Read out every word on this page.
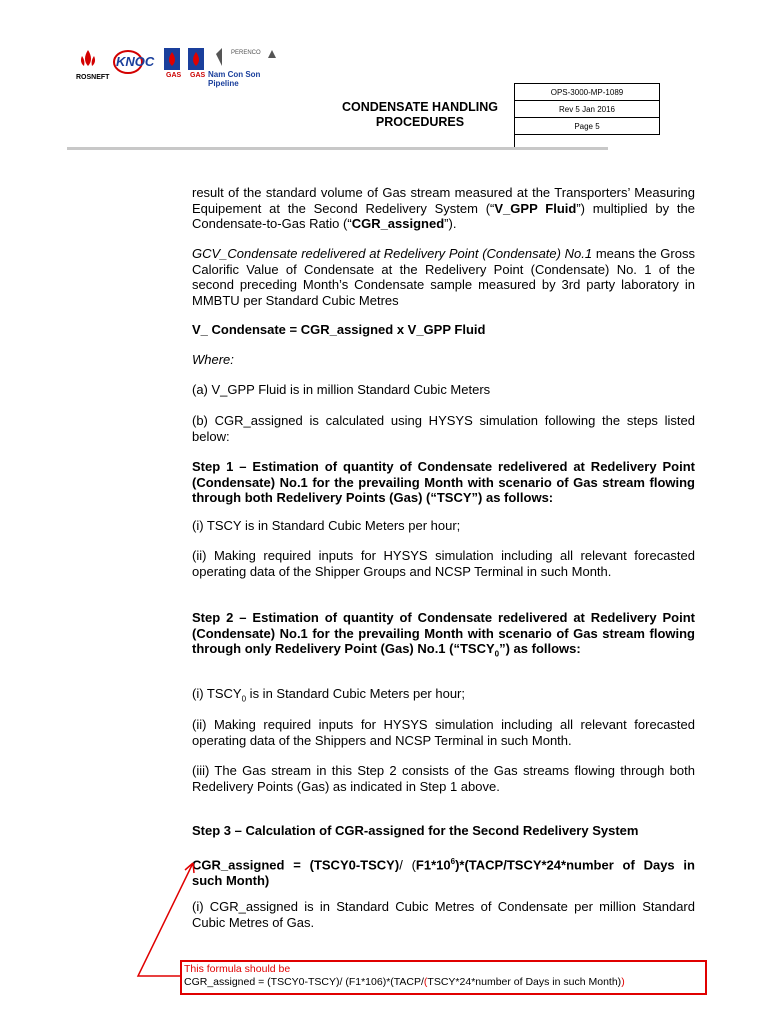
ROSNEFT
KNOC
GAS GAS Nam Con Son Pipeline
PERENCO
CONDENSATE HANDLING
PROCEDURES
OPS-3000-MP-1089
Rev 5 Jan 2016
Page 5
result of the standard volume of Gas stream measured at the Transporters’ Measuring Equipement at the Second Redelivery System (“V_GPP Fluid”) multiplied by the Condensate-to-Gas Ratio (“CGR_assigned”).
GCV_Condensate redelivered at Redelivery Point (Condensate) No.1 means the Gross Calorific Value of Condensate at the Redelivery Point (Condensate) No. 1 of the second preceding Month’s Condensate sample measured by 3rd party laboratory in MMBTU per Standard Cubic Metres
V_ Condensate = CGR_assigned x V_GPP Fluid
Where:
(a) V_GPP Fluid is in million Standard Cubic Meters
(b) CGR_assigned is calculated using HYSYS simulation following the steps listed below:
Step 1 – Estimation of quantity of Condensate redelivered at Redelivery Point (Condensate) No.1 for the prevailing Month with scenario of Gas stream flowing through both Redelivery Points (Gas) (“TSCY”) as follows:
(i) TSCY is in Standard Cubic Meters per hour;
(ii) Making required inputs for HYSYS simulation including all relevant forecasted operating data of the Shipper Groups and NCSP Terminal in such Month.
Step 2 – Estimation of quantity of Condensate redelivered at Redelivery Point (Condensate) No.1 for the prevailing Month with scenario of Gas stream flowing through only Redelivery Point (Gas) No.1 $(“TSCY_0”)$ as follows:
(i) $TSCY_0$ is in Standard Cubic Meters per hour;
(ii) Making required inputs for HYSYS simulation including all relevant forecasted operating data of the Shippers and NCSP Terminal in such Month.
(iii) The Gas stream in this Step 2 consists of the Gas streams flowing through both Redelivery Points (Gas) as indicated in Step 1 above.
Step 3 – Calculation of CGR-assigned for the Second Redelivery System
CGR_assigned = (TSCY0-TSCY)/ $(F1*10^6)*(TACP/TSCY*24*number$ of Days in such Month)
(i) CGR_assigned is in Standard Cubic Metres of Condensate per million Standard Cubic Metres of Gas.
This formula should be
CGR_assigned = (TSCY0-TSCY)/ (F1*106)*(TACP/(TSCY*24*number of Days in such Month))
